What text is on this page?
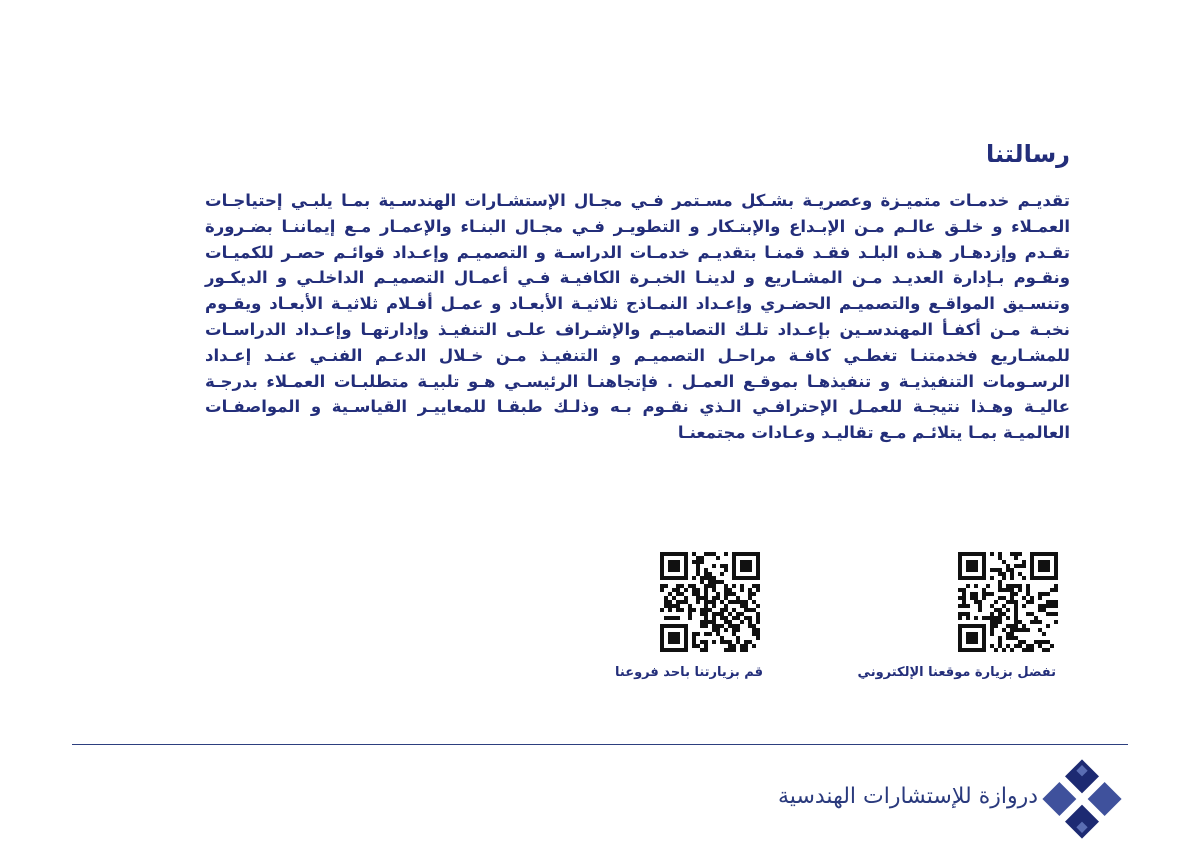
رسالتنا

تقديـم خدمـات متميـزة وعصريـة بشـكل مسـتمر فـي مجـال الإستشـارات الهندسـية بمـا يلبـي إحتياجـات العمـلاء و خلـق عالـم مـن الإبـداع والإبتـكار و التطويـر فـي مجـال البنـاء والإعمـار مـع إيماننـا بضـرورة تقـدم وإزدهـار هـذه البلـد فقـد قمنـا بتقديـم خدمـات الدراسـة و التصميـم وإعـداد قوائـم حصـر للكميـات ونقـوم بـإدارة العديـد مـن المشـاريع و لدينـا الخبـرة الكافيـة فـي أعمـال التصميـم الداخلـي و الديكـور وتنسـيق المواقـع والتصميـم الحضـري وإعـداد النمـاذج ثلاثيـة الأبعـاد و عمـل أفـلام ثلاثيـة الأبعـاد ويقـوم نخبـة مـن أكفـأ المهندسـين بإعـداد تلـك التصاميـم والإشـراف علـى التنفيـذ وإدارتهـا وإعـداد الدراسـات للمشـاريع فخدمتنـا تغطـي كافـة مراحـل التصميـم و التنفيـذ مـن خـلال الدعـم الفنـي عنـد إعـداد الرسـومات التنفيذيـة و تنفيذهـا بموقـع العمـل . فإتجاهنـا الرئيسـي هـو تلبيـة متطلبـات العمـلاء بدرجـة عاليـة وهـذا نتيجـة للعمـل الإحترافـي الـذي نقـوم بـه وذلـك طبقـا للمعاييـر القياسـية و المواصفـات العالميـة بمـا يتلائـم مـع تقاليـد وعـادات مجتمعنـا

تفضل بزيارة موقعنا الإلكتروني

قم بزيارتنا باحد فروعنا

دروازة للإستشارات الهندسية
